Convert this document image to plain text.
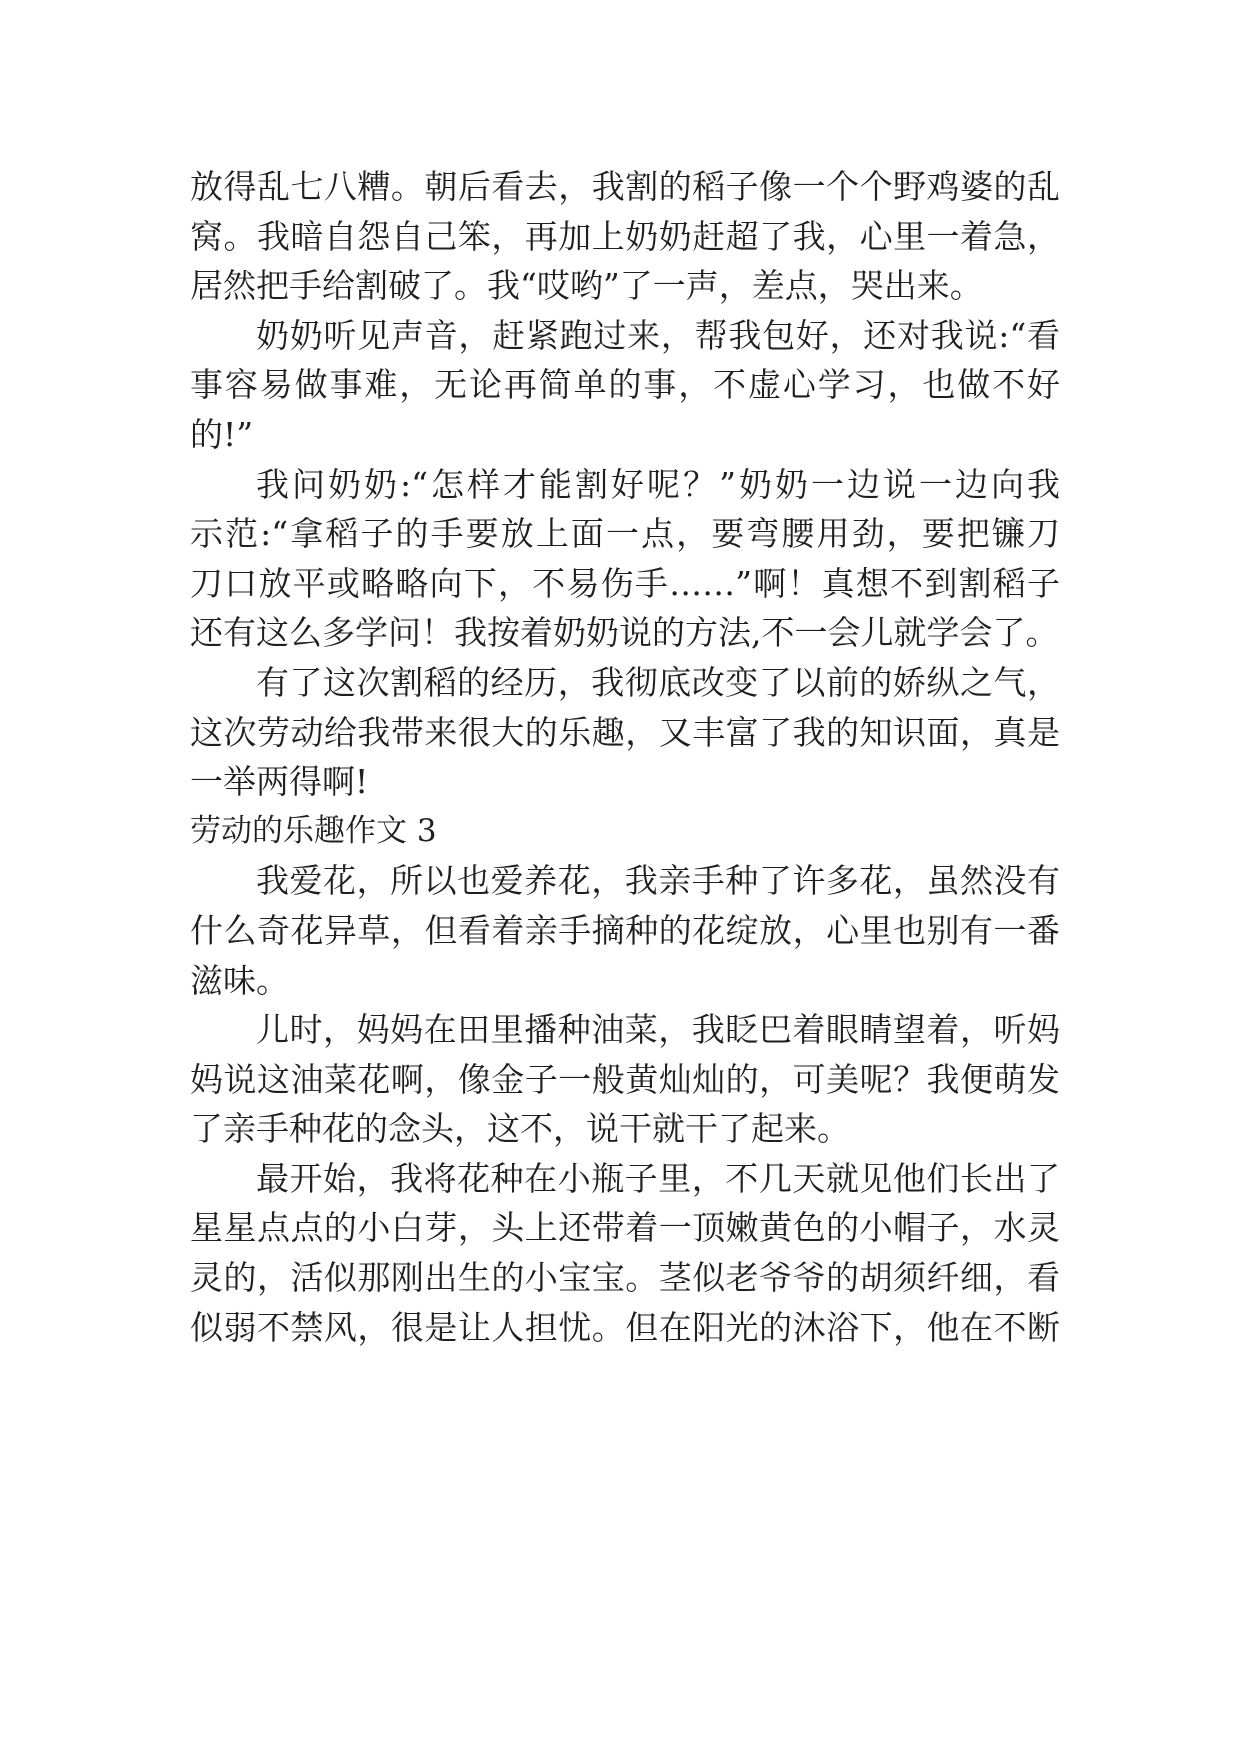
放得乱七八糟。朝后看去，我割的稻子像一个个野鸡婆的乱
窝。我暗自怨自己笨，再加上奶奶赶超了我，心里一着急，
居然把手给割破了。我“哎哟”了一声，差点，哭出来。
奶奶听见声音，赶紧跑过来，帮我包好，还对我说:“看
事容易做事难，无论再简单的事，不虚心学习，也做不好
的!”
我问奶奶:“怎样才能割好呢？”奶奶一边说一边向我
示范:“拿稻子的手要放上面一点，要弯腰用劲，要把镰刀
刀口放平或略略向下，不易伤手……”啊！真想不到割稻子
还有这么多学问！我按着奶奶说的方法,不一会儿就学会了。
有了这次割稻的经历，我彻底改变了以前的娇纵之气，
这次劳动给我带来很大的乐趣，又丰富了我的知识面，真是
一举两得啊!
劳动的乐趣作文 3
我爱花，所以也爱养花，我亲手种了许多花，虽然没有
什么奇花异草，但看着亲手摘种的花绽放，心里也别有一番
滋味。
儿时，妈妈在田里播种油菜，我眨巴着眼睛望着，听妈
妈说这油菜花啊，像金子一般黄灿灿的，可美呢？我便萌发
了亲手种花的念头，这不，说干就干了起来。
最开始，我将花种在小瓶子里，不几天就见他们长出了
星星点点的小白芽，头上还带着一顶嫩黄色的小帽子，水灵
灵的，活似那刚出生的小宝宝。茎似老爷爷的胡须纤细，看
似弱不禁风，很是让人担忧。但在阳光的沐浴下，他在不断
